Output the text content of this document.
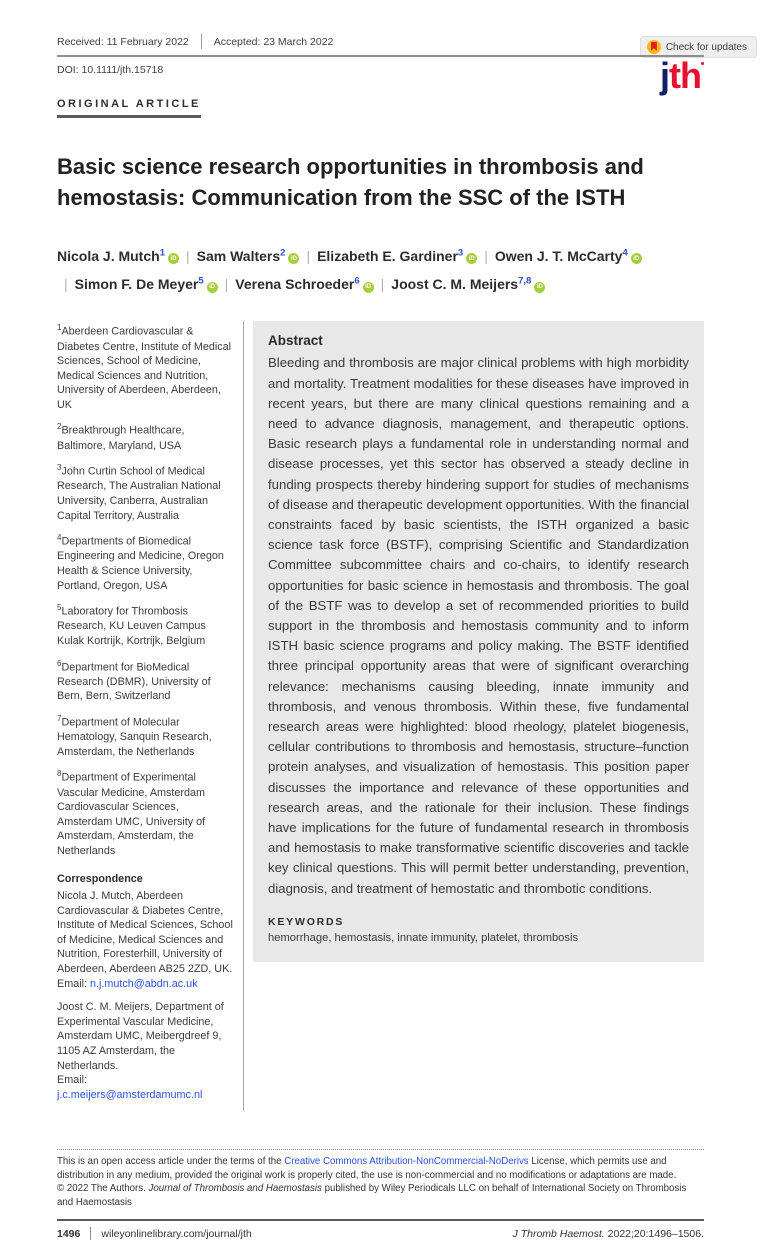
Check for updates
Received: 11 February 2022 Accepted: 23 March 2022
DOI: 10.1111/jth.15718	jth
ORIGINAL ARTICLE
Basic science research opportunities in thrombosis and hemostasis: Communication from the SSC of the ISTH
Nicola J. Mutch$^1$iD | Sam Walters$^2$iD | Elizabeth E. Gardiner$^3$iD | Owen J. T. McCarty$^4$iD| Simon F. De Meyer$^5$iD | Verena Schroeder$^6$iD | Joost C. M. Meijers$^{7,8}$iD

$^1$Aberdeen Cardiovascular & Diabetes Centre, Institute of Medical Sciences, School of Medicine, Medical Sciences and Nutrition, University of Aberdeen, Aberdeen, UK

$^2$Breakthrough Healthcare, Baltimore, Maryland, USA

$^3$John Curtin School of Medical Research, The Australian National University, Canberra, Australian Capital Territory, Australia

$^4$Departments of Biomedical Engineering and Medicine, Oregon Health & Science University, Portland, Oregon, USA

$^5$Laboratory for Thrombosis Research, KU Leuven Campus Kulak Kortrijk, Kortrijk, Belgium

$^6$Department for BioMedical Research (DBMR), University of Bern, Bern, Switzerland

$^7$Department of Molecular Hematology, Sanquin Research, Amsterdam, the Netherlands

$^8$Department of Experimental Vascular Medicine, Amsterdam Cardiovascular Sciences, Amsterdam UMC, University of Amsterdam, Amsterdam, the Netherlands

Correspondence

Nicola J. Mutch, Aberdeen Cardiovascular & Diabetes Centre, Institute of Medical Sciences, School of Medicine, Medical Sciences and Nutrition, Foresterhill, University of Aberdeen, Aberdeen AB25 2ZD, UK.
Email: n.j.mutch@abdn.ac.uk
Joost C. M. Meijers, Department of Experimental Vascular Medicine, Amsterdam UMC, Meibergdreef 9, 1105 AZ Amsterdam, the Netherlands.
Email: j.c.meijers@amsterdamumc.nl
Abstract
Bleeding and thrombosis are major clinical problems with high morbidity and mortality. Treatment modalities for these diseases have improved in recent years, but there are many clinical questions remaining and a need to advance diagnosis, management, and therapeutic options. Basic research plays a fundamental role in understanding normal and disease processes, yet this sector has observed a steady decline in funding prospects thereby hindering support for studies of mechanisms of disease and therapeutic development opportunities. With the financial constraints faced by basic scientists, the ISTH organized a basic science task force (BSTF), comprising Scientific and Standardization Committee subcommittee chairs and co-chairs, to identify research opportunities for basic science in hemostasis and thrombosis. The goal of the BSTF was to develop a set of recommended priorities to build support in the thrombosis and hemostasis community and to inform ISTH basic science programs and policy making. The BSTF identified three principal opportunity areas that were of significant overarching relevance: mechanisms causing bleeding, innate immunity and thrombosis, and venous thrombosis. Within these, five fundamental research areas were highlighted: blood rheology, platelet biogenesis, cellular contributions to thrombosis and hemostasis, structure–function protein analyses, and visualization of hemostasis. This position paper discusses the importance and relevance of these opportunities and research areas, and the rationale for their inclusion. These findings have implications for the future of fundamental research in thrombosis and hemostasis to make transformative scientific discoveries and tackle key clinical questions. This will permit better understanding, prevention, diagnosis, and treatment of hemostatic and thrombotic conditions.
KEYWORDS
hemorrhage, hemostasis, innate immunity, platelet, thrombosis
This is an open access article under the terms of the Creative Commons Attribution-NonCommercial-NoDerivs License, which permits use and distribution in any medium, provided the original work is properly cited, the use is non-commercial and no modifications or adaptations are made.
© 2022 The Authors. Journal of Thrombosis and Haemostasis published by Wiley Periodicals LLC on behalf of International Society on Thrombosis and Haemostasis
1496 wileyonlinelibrary.com/journal/jth	J Thromb Haemost. 2022;20:1496–1506.
